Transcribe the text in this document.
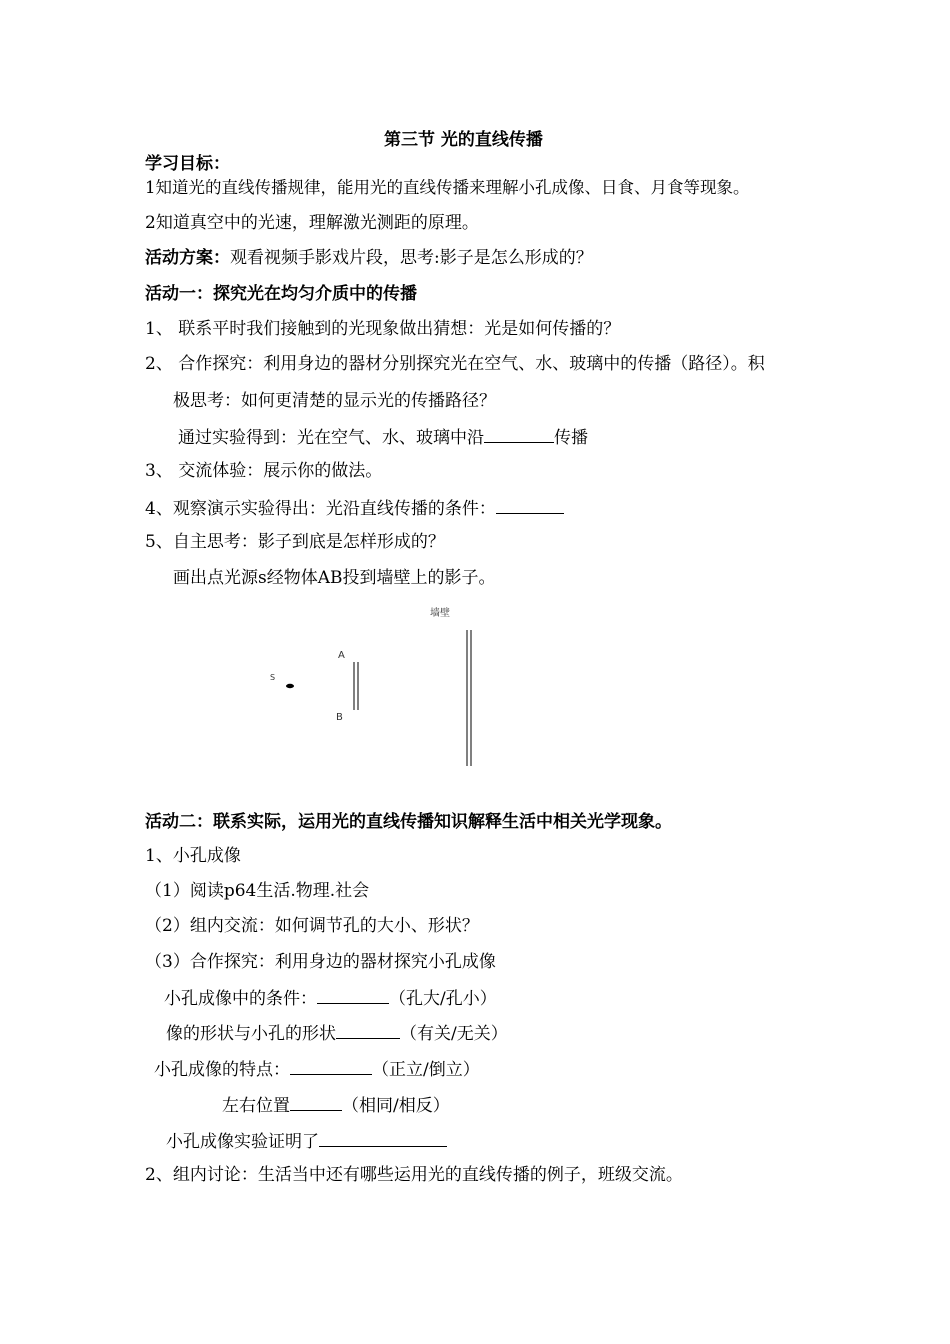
第三节 光的直线传播
学习目标：
1知道光的直线传播规律，能用光的直线传播来理解小孔成像、日食、月食等现象。
2知道真空中的光速，理解激光测距的原理。
活动方案：观看视频手影戏片段，思考:影子是怎么形成的？
活动一：探究光在均匀介质中的传播
1、 联系平时我们接触到的光现象做出猜想：光是如何传播的？
2、 合作探究：利用身边的器材分别探究光在空气、水、玻璃中的传播（路径）。积
极思考：如何更清楚的显示光的传播路径？
通过实验得到：光在空气、水、玻璃中沿	传播
3、 交流体验：展示你的做法。
4、观察演示实验得出：光沿直线传播的条件：
5、自主思考：影子到底是怎样形成的？
画出点光源s经物体AB投到墙壁上的影子。
墙壁
S
A
B
活动二：联系实际，运用光的直线传播知识解释生活中相关光学现象。
1、小孔成像
（1）阅读p64生活.物理.社会
（2）组内交流：如何调节孔的大小、形状？
（3）合作探究：利用身边的器材探究小孔成像
小孔成像中的条件：	（孔大/孔小）
像的形状与小孔的形状	（有关/无关）
小孔成像的特点：	（正立/倒立）
左右位置	（相同/相反）
小孔成像实验证明了
2、组内讨论：生活当中还有哪些运用光的直线传播的例子，班级交流。
